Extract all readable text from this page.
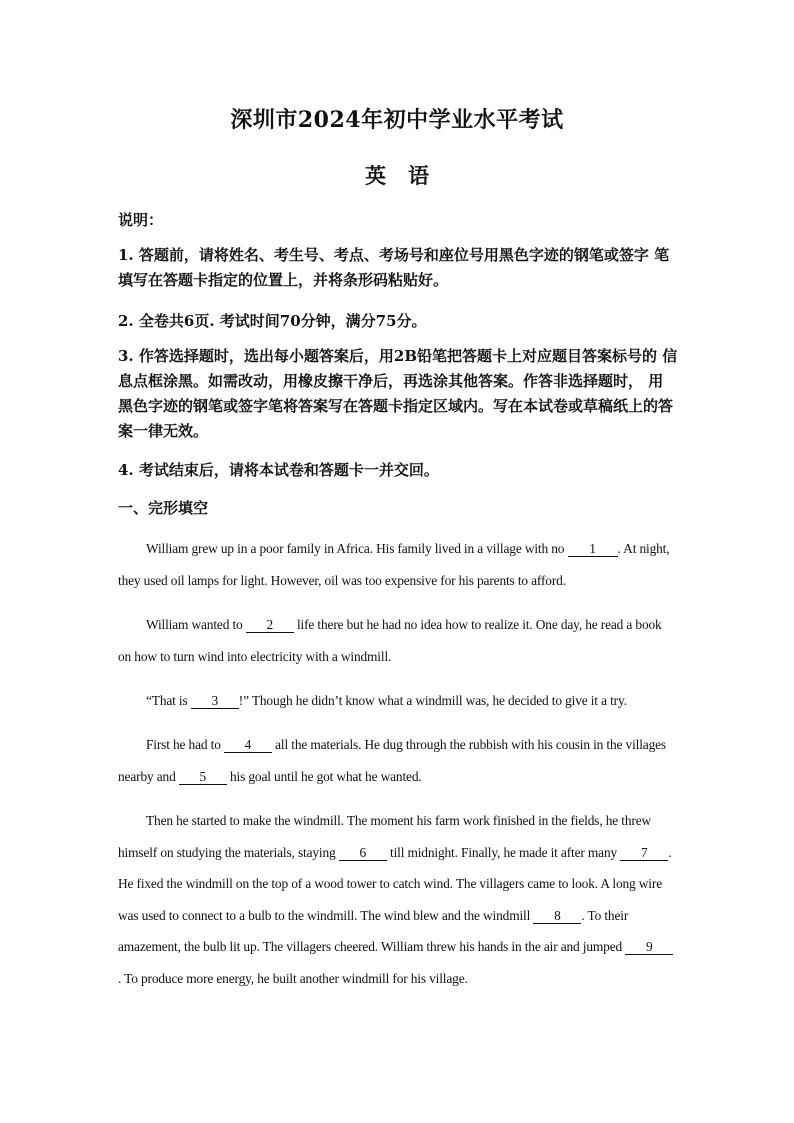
深圳市2024年初中学业水平考试
英语
说明：
1. 答题前，请将姓名、考生号、考点、考场号和座位号用黑色字迹的钢笔或签字 笔填写在答题卡指定的位置上，并将条形码粘贴好。
2. 全卷共6页. 考试时间70分钟，满分75分。
3. 作答选择题时，选出每小题答案后，用2B铅笔把答题卡上对应题目答案标号的 信息点框涂黑。如需改动，用橡皮擦干净后，再选涂其他答案。作答非选择题时， 用黑色字迹的钢笔或签字笔将答案写在答题卡指定区域内。写在本试卷或草稿纸上的答案一律无效。
4. 考试结束后，请将本试卷和答题卡一并交回。
一、完形填空
William grew up in a poor family in Africa. His family lived in a village with no 1 . At night, they used oil lamps for light. However, oil was too expensive for his parents to afford.
William wanted to 2 life there but he had no idea how to realize it. One day, he read a book on how to turn wind into electricity with a windmill.
“That is 3 !” Though he didn’t know what a windmill was, he decided to give it a try.
First he had to 4 all the materials. He dug through the rubbish with his cousin in the villages nearby and 5 his goal until he got what he wanted.
Then he started to make the windmill. The moment his farm work finished in the fields, he threw himself on studying the materials, staying 6 till midnight. Finally, he made it after many 7 . He fixed the windmill on the top of a wood tower to catch wind. The villagers came to look. A long wire was used to connect to a bulb to the windmill. The wind blew and the windmill 8 . To their amazement, the bulb lit up. The villagers cheered. William threw his hands in the air and jumped 9. To produce more energy, he built another windmill for his village.
